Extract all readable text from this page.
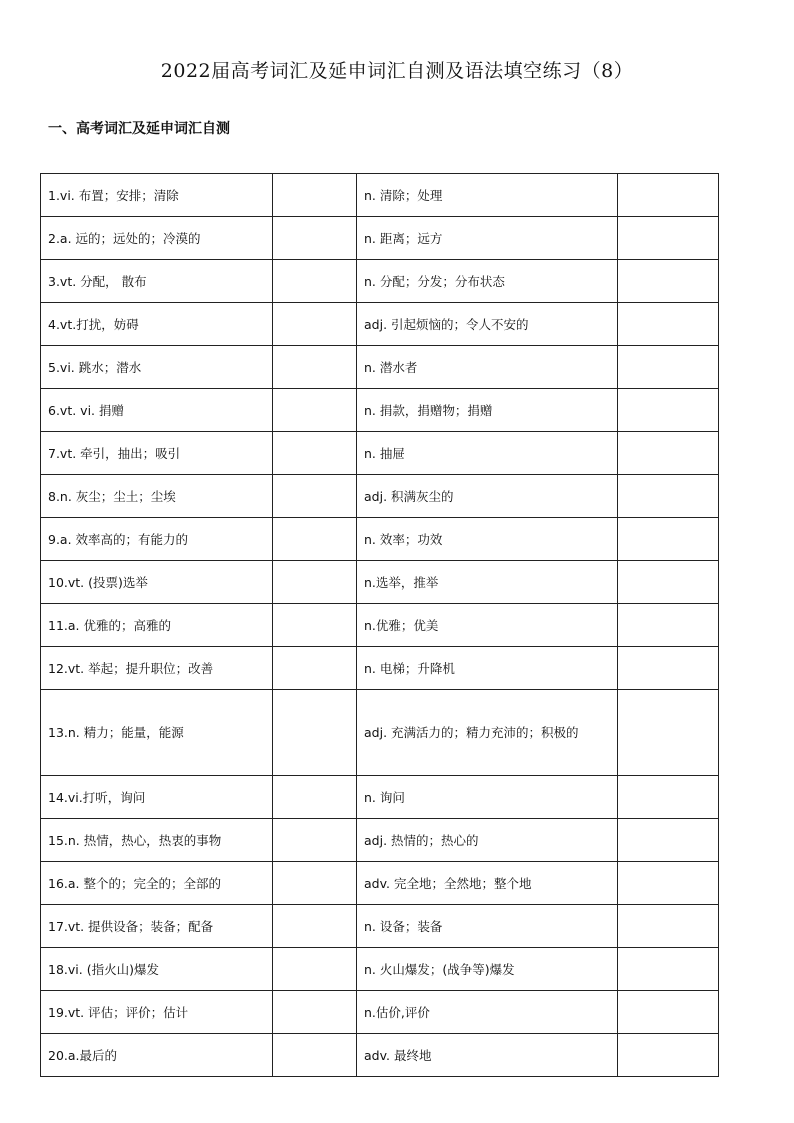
2022届高考词汇及延申词汇自测及语法填空练习（8）
一、高考词汇及延申词汇自测
1.vi. 布置；安排；清除		n. 清除；处理	
2.a. 远的；远处的；冷漠的		n. 距离；远方	
3.vt. 分配， 散布		n. 分配；分发；分布状态	
4.vt.打扰，妨碍		adj. 引起烦恼的；令人不安的	
5.vi. 跳水；潜水		n. 潜水者	
6.vt. vi. 捐赠		n. 捐款，捐赠物；捐赠	
7.vt. 牵引，抽出；吸引		n. 抽屉	
8.n. 灰尘；尘土；尘埃		adj. 积满灰尘的	
9.a. 效率高的；有能力的		n. 效率；功效	
10.vt. (投票)选举		n.选举，推举	
11.a. 优雅的；高雅的		n.优雅；优美	
12.vt. 举起；提升职位；改善		n. 电梯；升降机	
13.n. 精力；能量，能源		adj. 充满活力的；精力充沛的；积极的	
14.vi.打听，询问		n. 询问	
15.n. 热情，热心，热衷的事物		adj. 热情的；热心的	
16.a. 整个的；完全的；全部的		adv. 完全地；全然地；整个地	
17.vt. 提供设备；装备；配备		n. 设备；装备	
18.vi. (指火山)爆发		n. 火山爆发；(战争等)爆发	
19.vt. 评估；评价；估计		n.估价,评价	
20.a.最后的		adv. 最终地	
